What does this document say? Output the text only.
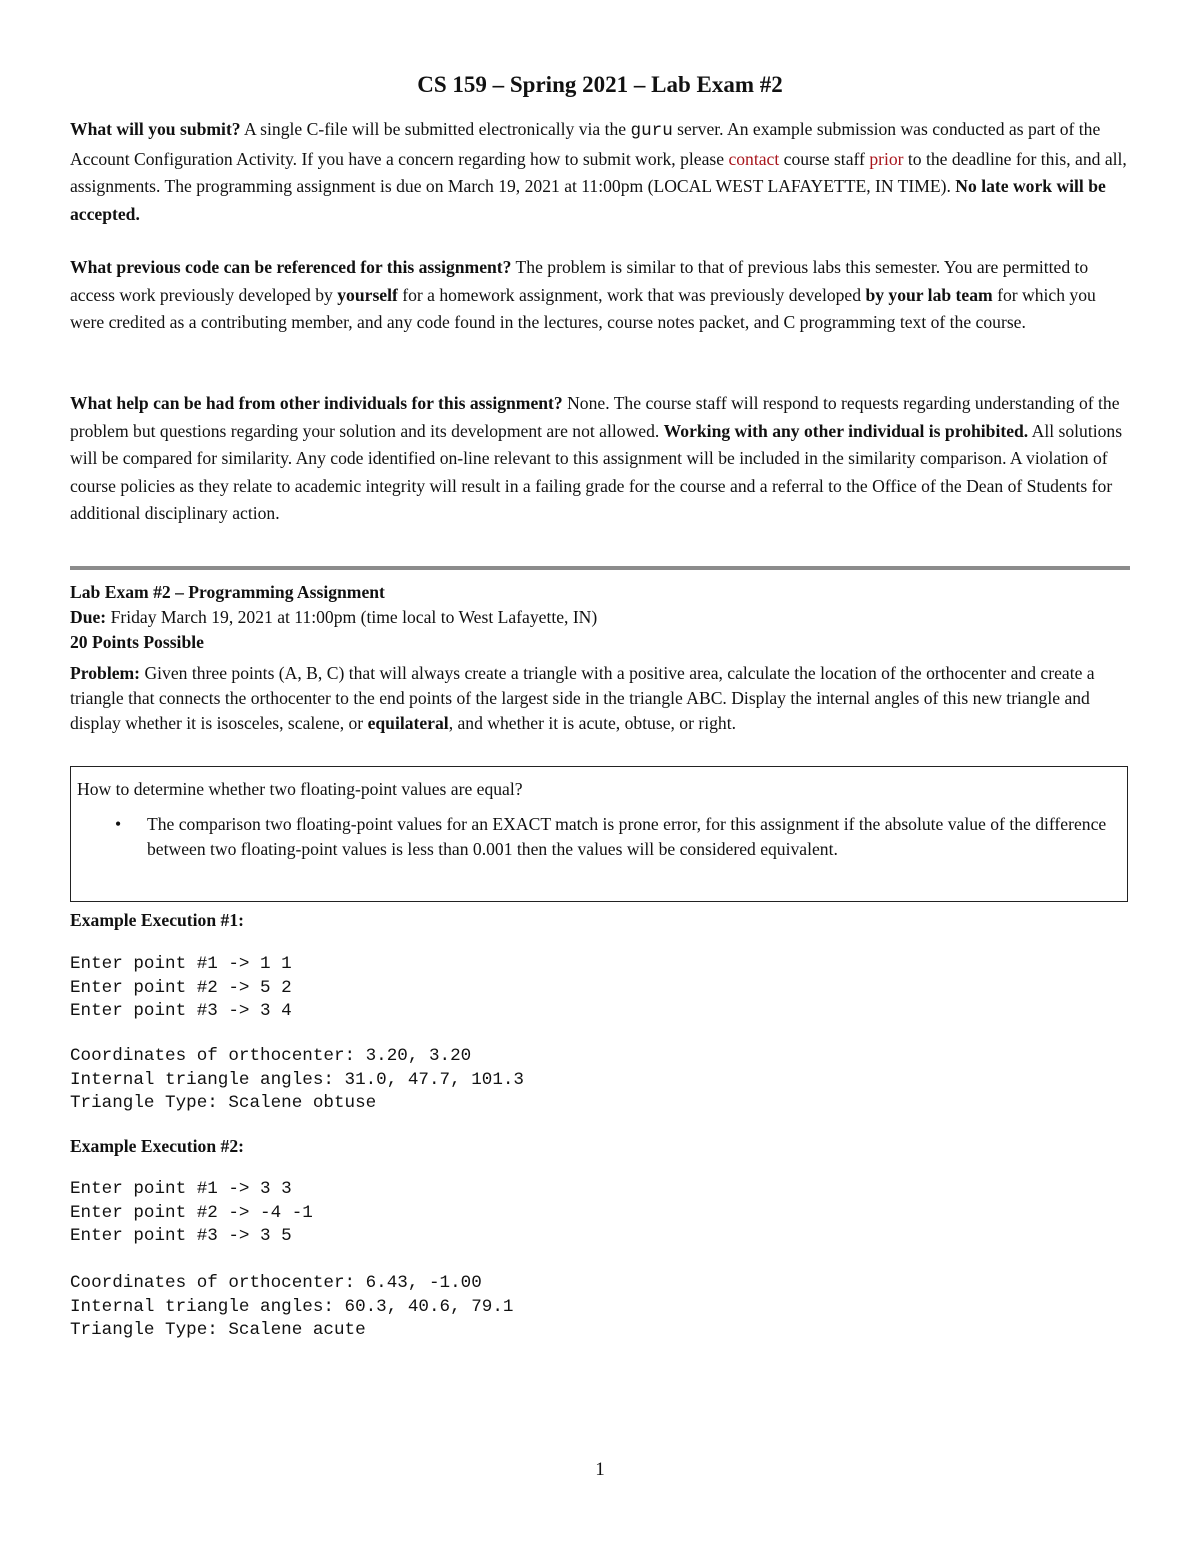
CS 159 – Spring 2021 – Lab Exam #2
What will you submit? A single C-file will be submitted electronically via the guru server. An example submission was conducted as part of the Account Configuration Activity. If you have a concern regarding how to submit work, please contact course staff prior to the deadline for this, and all, assignments. The programming assignment is due on March 19, 2021 at 11:00pm (LOCAL WEST LAFAYETTE, IN TIME). No late work will be accepted.
What previous code can be referenced for this assignment? The problem is similar to that of previous labs this semester. You are permitted to access work previously developed by yourself for a homework assignment, work that was previously developed by your lab team for which you were credited as a contributing member, and any code found in the lectures, course notes packet, and C programming text of the course.
What help can be had from other individuals for this assignment? None. The course staff will respond to requests regarding understanding of the problem but questions regarding your solution and its development are not allowed. Working with any other individual is prohibited. All solutions will be compared for similarity. Any code identified on-line relevant to this assignment will be included in the similarity comparison. A violation of course policies as they relate to academic integrity will result in a failing grade for the course and a referral to the Office of the Dean of Students for additional disciplinary action.
Lab Exam #2 – Programming Assignment
Due: Friday March 19, 2021 at 11:00pm (time local to West Lafayette, IN)
20 Points Possible
Problem: Given three points (A, B, C) that will always create a triangle with a positive area, calculate the location of the orthocenter and create a triangle that connects the orthocenter to the end points of the largest side in the triangle ABC. Display the internal angles of this new triangle and display whether it is isosceles, scalene, or equilateral, and whether it is acute, obtuse, or right.
How to determine whether two floating-point values are equal?
• The comparison two floating-point values for an EXACT match is prone error, for this assignment if the absolute value of the difference between two floating-point values is less than 0.001 then the values will be considered equivalent.
Example Execution #1:
Enter point #1 -> 1 1
Enter point #2 -> 5 2
Enter point #3 -> 3 4
Coordinates of orthocenter: 3.20, 3.20
Internal triangle angles: 31.0, 47.7, 101.3
Triangle Type: Scalene obtuse
Example Execution #2:
Enter point #1 -> 3 3
Enter point #2 -> -4 -1
Enter point #3 -> 3 5
Coordinates of orthocenter: 6.43, -1.00
Internal triangle angles: 60.3, 40.6, 79.1
Triangle Type: Scalene acute
1
